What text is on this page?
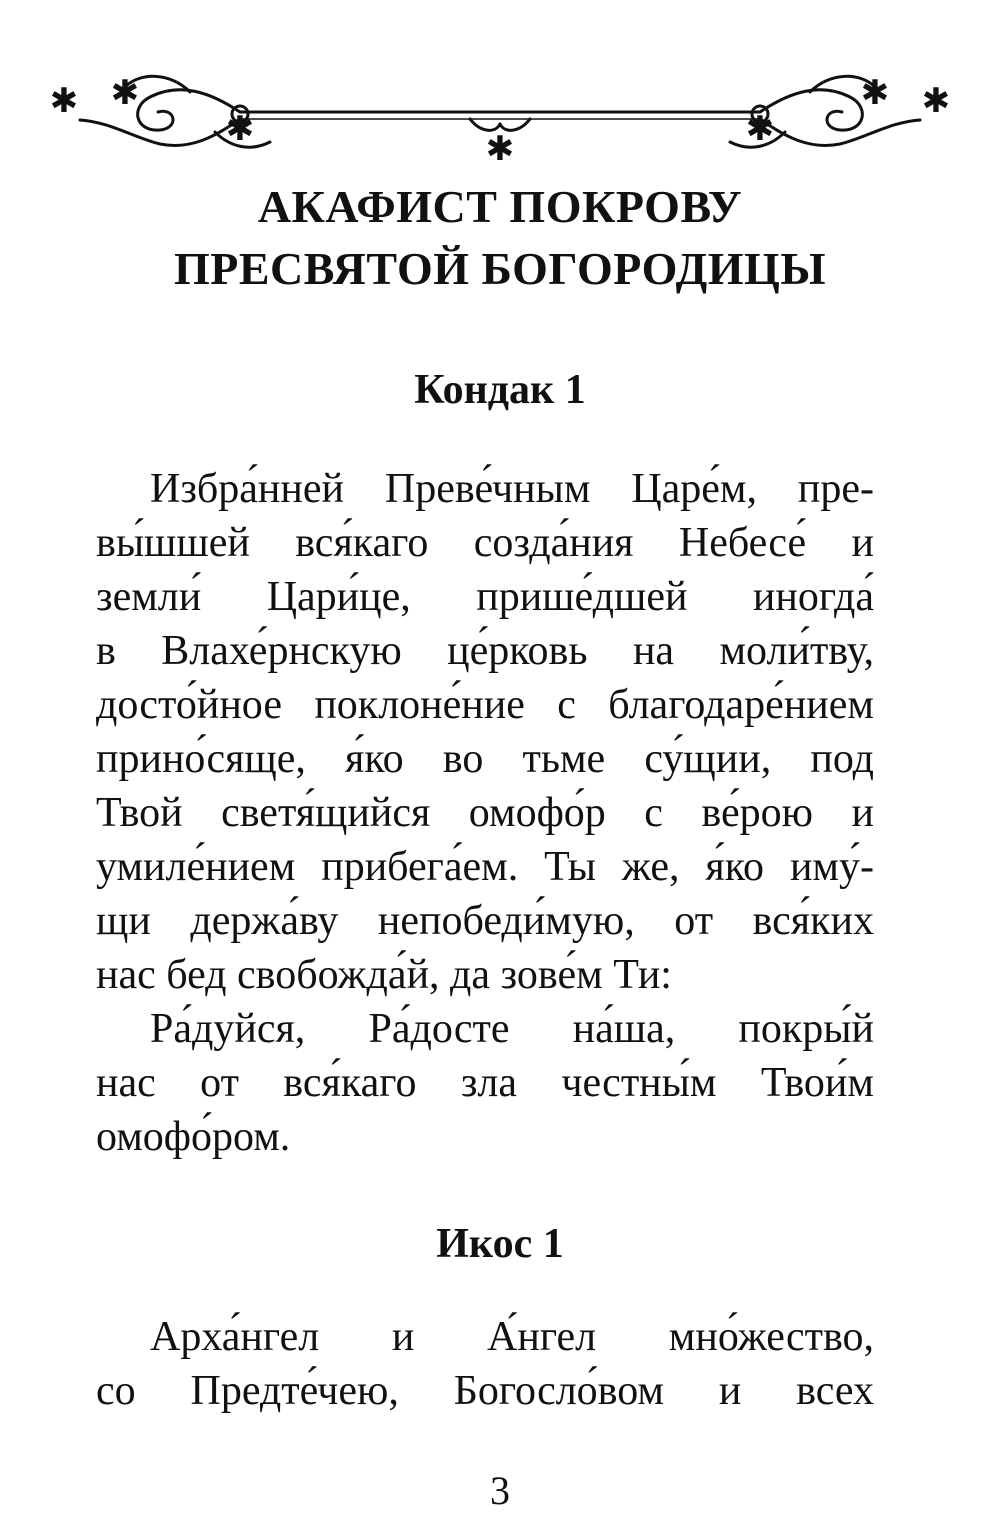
✱ ✱
✱	✱	✱
✱ ✱
АКАФИСТ ПОКРОВУ
ПРЕСВЯТОЙ БОГОРОДИЦЫ
Кондак 1
Избра́нней Преве́чным Царе́м, пре-
вы́шшей вся́каго созда́ния Небесе́ и
земли́ Цари́це, прише́дшей иногда́
в Влахе́рнскую це́рковь на моли́тву,
досто́йное поклоне́ние с благодаре́нием
прино́сяще, я́ко во тьме су́щии, под
Твой светя́щийся омофо́р с ве́рою и
умиле́нием прибега́ем. Ты же, я́ко иму́-
щи держа́ву непобеди́мую, от вся́ких
нас бед свобожда́й, да зове́м Ти:
Ра́дуйся, Ра́досте на́ша, покры́й
нас от вся́каго зла честны́м Твои́м
омофо́ром.
Икос 1
Арха́нгел и А́нгел мно́жество,
со Предте́чею, Богосло́вом и всех
3
